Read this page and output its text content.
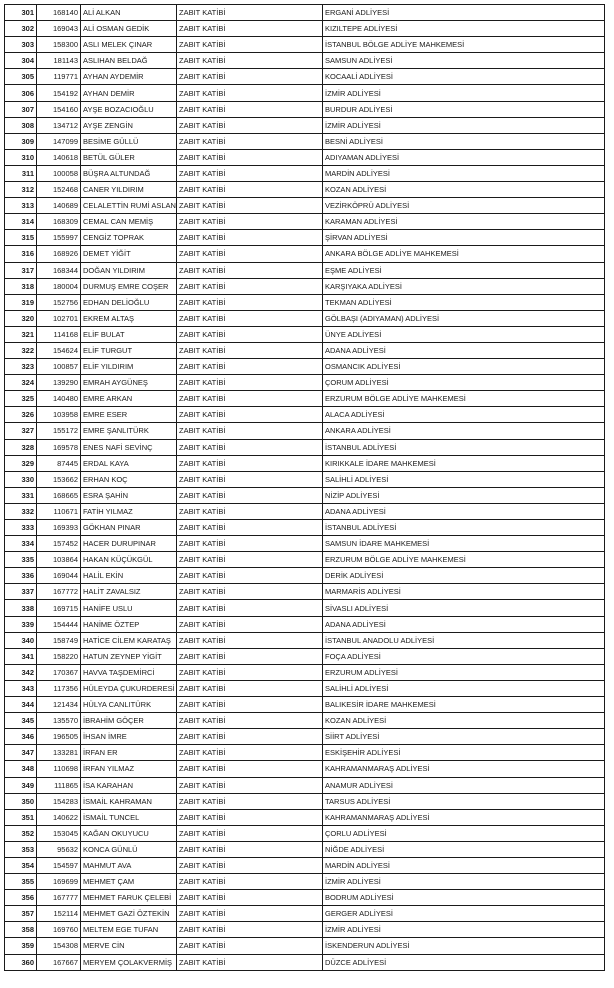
301	168140	ALİ ALKAN	ZABIT KATİBİ	ERGANİ ADLİYESİ
302	169043	ALİ OSMAN GEDİK	ZABIT KATİBİ	KIZILTEPE ADLİYESİ
303	158300	ASLI MELEK ÇINAR	ZABIT KATİBİ	İSTANBUL BÖLGE ADLİYE MAHKEMESİ
304	181143	ASLIHAN BELDAĞ	ZABIT KATİBİ	SAMSUN ADLİYESİ
305	119771	AYHAN AYDEMİR	ZABIT KATİBİ	KOCAALİ ADLİYESİ
306	154192	AYHAN DEMİR	ZABIT KATİBİ	İZMİR ADLİYESİ
307	154160	AYŞE BOZACIOĞLU	ZABIT KATİBİ	BURDUR ADLİYESİ
308	134712	AYŞE ZENGİN	ZABIT KATİBİ	İZMİR ADLİYESİ
309	147099	BESİME GÜLLÜ	ZABIT KATİBİ	BESNİ ADLİYESİ
310	140618	BETÜL GÜLER	ZABIT KATİBİ	ADIYAMAN ADLİYESİ
311	100058	BÜŞRA ALTUNDAĞ	ZABIT KATİBİ	MARDİN ADLİYESİ
312	152468	CANER YILDIRIM	ZABIT KATİBİ	KOZAN ADLİYESİ
313	140689	CELALETTİN RUMİ ASLAN	ZABIT KATİBİ	VEZİRKÖPRÜ ADLİYESİ
314	168309	CEMAL CAN MEMİŞ	ZABIT KATİBİ	KARAMAN ADLİYESİ
315	155997	CENGİZ TOPRAK	ZABIT KATİBİ	ŞİRVAN ADLİYESİ
316	168926	DEMET YİĞİT	ZABIT KATİBİ	ANKARA BÖLGE ADLİYE MAHKEMESİ
317	168344	DOĞAN YILDIRIM	ZABIT KATİBİ	EŞME ADLİYESİ
318	180004	DURMUŞ EMRE COŞER	ZABIT KATİBİ	KARŞIYAKA ADLİYESİ
319	152756	EDHAN DELİOĞLU	ZABIT KATİBİ	TEKMAN ADLİYESİ
320	102701	EKREM ALTAŞ	ZABIT KATİBİ	GÖLBAŞI (ADIYAMAN) ADLİYESİ
321	114168	ELİF BULAT	ZABIT KATİBİ	ÜNYE ADLİYESİ
322	154624	ELİF TURGUT	ZABIT KATİBİ	ADANA ADLİYESİ
323	100857	ELİF YILDIRIM	ZABIT KATİBİ	OSMANCIK ADLİYESİ
324	139290	EMRAH AYGÜNEŞ	ZABIT KATİBİ	ÇORUM ADLİYESİ
325	140480	EMRE ARKAN	ZABIT KATİBİ	ERZURUM BÖLGE ADLİYE MAHKEMESİ
326	103958	EMRE ESER	ZABIT KATİBİ	ALACA ADLİYESİ
327	155172	EMRE ŞANLITÜRK	ZABIT KATİBİ	ANKARA ADLİYESİ
328	169578	ENES NAFİ SEVİNÇ	ZABIT KATİBİ	İSTANBUL ADLİYESİ
329	87445	ERDAL KAYA	ZABIT KATİBİ	KIRIKKALE İDARE MAHKEMESİ
330	153662	ERHAN KOÇ	ZABIT KATİBİ	SALİHLİ ADLİYESİ
331	168665	ESRA ŞAHİN	ZABIT KATİBİ	NİZİP ADLİYESİ
332	110671	FATİH YILMAZ	ZABIT KATİBİ	ADANA ADLİYESİ
333	169393	GÖKHAN PINAR	ZABIT KATİBİ	İSTANBUL ADLİYESİ
334	157452	HACER DURUPINAR	ZABIT KATİBİ	SAMSUN İDARE MAHKEMESİ
335	103864	HAKAN KÜÇÜKGÜL	ZABIT KATİBİ	ERZURUM BÖLGE ADLİYE MAHKEMESİ
336	169044	HALİL EKİN	ZABIT KATİBİ	DERİK ADLİYESİ
337	167772	HALİT ZAVALSIZ	ZABIT KATİBİ	MARMARİS ADLİYESİ
338	169715	HANİFE USLU	ZABIT KATİBİ	SİVASLI ADLİYESİ
339	154444	HANİME ÖZTEP	ZABIT KATİBİ	ADANA ADLİYESİ
340	158749	HATİCE CİLEM KARATAŞ	ZABIT KATİBİ	İSTANBUL ANADOLU ADLİYESİ
341	158220	HATUN ZEYNEP YİGİT	ZABIT KATİBİ	FOÇA ADLİYESİ
342	170367	HAVVA TAŞDEMİRCİ	ZABIT KATİBİ	ERZURUM ADLİYESİ
343	117356	HÜLEYDA ÇUKURDERESİ	ZABIT KATİBİ	SALİHLİ ADLİYESİ
344	121434	HÜLYA CANLITÜRK	ZABIT KATİBİ	BALIKESİR İDARE MAHKEMESİ
345	135570	İBRAHİM GÖÇER	ZABIT KATİBİ	KOZAN ADLİYESİ
346	196505	İHSAN İMRE	ZABIT KATİBİ	SİİRT ADLİYESİ
347	133281	İRFAN ER	ZABIT KATİBİ	ESKİŞEHİR ADLİYESİ
348	110698	İRFAN YILMAZ	ZABIT KATİBİ	KAHRAMANMARAŞ ADLİYESİ
349	111865	İSA KARAHAN	ZABIT KATİBİ	ANAMUR ADLİYESİ
350	154283	İSMAİL KAHRAMAN	ZABIT KATİBİ	TARSUS ADLİYESİ
351	140622	İSMAİL TUNCEL	ZABIT KATİBİ	KAHRAMANMARAŞ ADLİYESİ
352	153045	KAĞAN OKUYUCU	ZABIT KATİBİ	ÇORLU ADLİYESİ
353	95632	KONCA GÜNLÜ	ZABIT KATİBİ	NİĞDE ADLİYESİ
354	154597	MAHMUT AVA	ZABIT KATİBİ	MARDİN ADLİYESİ
355	169699	MEHMET ÇAM	ZABIT KATİBİ	İZMİR ADLİYESİ
356	167777	MEHMET FARUK ÇELEBİ	ZABIT KATİBİ	BODRUM ADLİYESİ
357	152114	MEHMET GAZİ ÖZTEKİN	ZABIT KATİBİ	GERGER ADLİYESİ
358	169760	MELTEM EGE TUFAN	ZABIT KATİBİ	İZMİR ADLİYESİ
359	154308	MERVE CİN	ZABIT KATİBİ	İSKENDERUN ADLİYESİ
360	167667	MERYEM ÇOLAKVERMİŞ	ZABIT KATİBİ	DÜZCE ADLİYESİ
